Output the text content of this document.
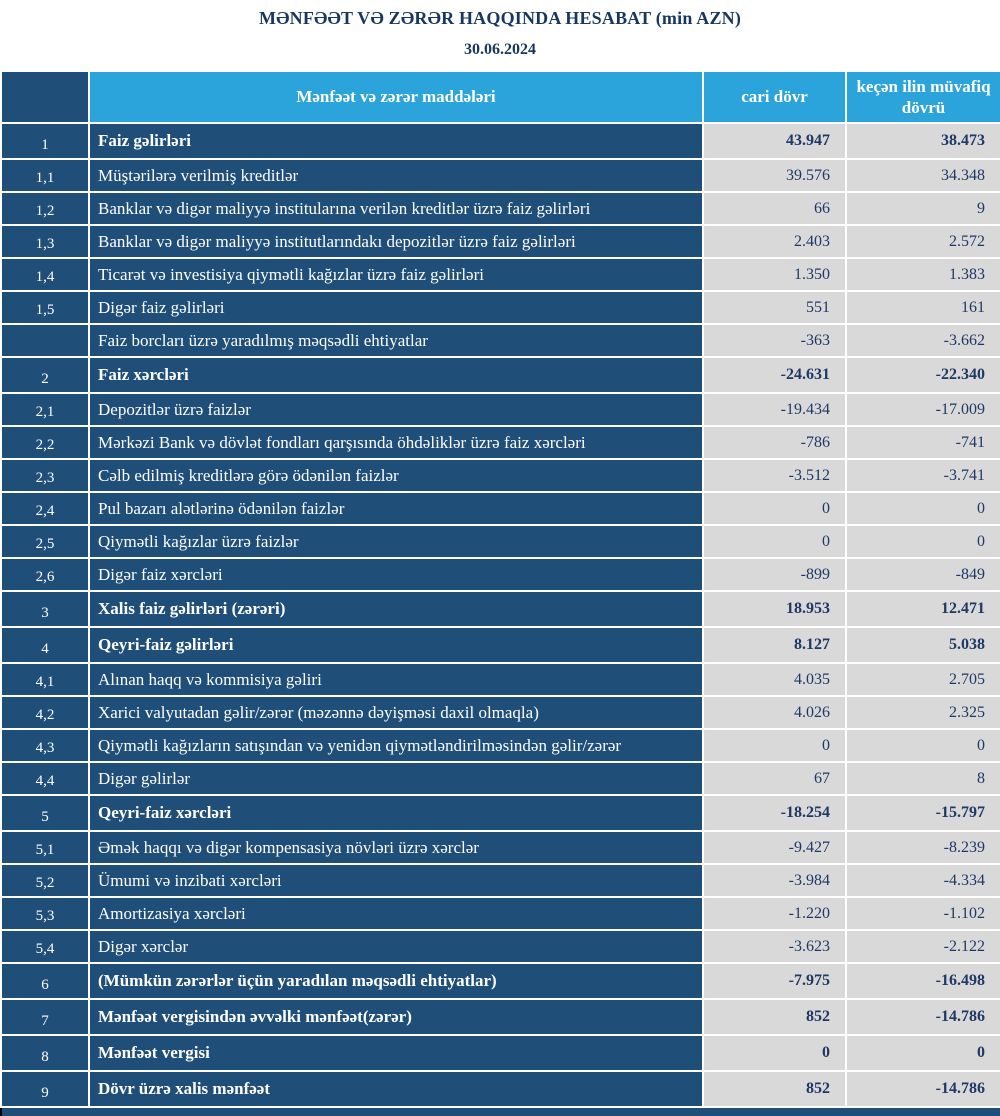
MƏNFƏƏT VƏ ZƏRƏR HAQQINDA HESABAT (min AZN)
30.06.2024
	Mənfəət və zərər maddələri	cari dövr	keçən ilin müvafiq dövrü
1	Faiz gəlirləri	43.947	38.473
1,1	Müştərilərə verilmiş kreditlər	39.576	34.348
1,2	Banklar və digər maliyyə institularına verilən kreditlər üzrə faiz gəlirləri	66	9
1,3	Banklar və digər maliyyə institutlarındakı depozitlər üzrə faiz gəlirləri	2.403	2.572
1,4	Ticarət və investisiya qiymətli kağızlar üzrə faiz gəlirləri	1.350	1.383
1,5	Digər faiz gəlirləri	551	161
	Faiz borcları üzrə yaradılmış məqsədli ehtiyatlar	-363	-3.662
2	Faiz xərcləri	-24.631	-22.340
2,1	Depozitlər üzrə faizlər	-19.434	-17.009
2,2	Mərkəzi Bank və dövlət fondları qarşısında öhdəliklər üzrə faiz xərcləri	-786	-741
2,3	Cəlb edilmiş kreditlərə görə ödənilən faizlər	-3.512	-3.741
2,4	Pul bazarı alətlərinə ödənilən faizlər	0	0
2,5	Qiymətli kağızlar üzrə faizlər	0	0
2,6	Digər faiz xərcləri	-899	-849
3	Xalis faiz gəlirləri (zərəri)	18.953	12.471
4	Qeyri-faiz gəlirləri	8.127	5.038
4,1	Alınan haqq və kommisiya gəliri	4.035	2.705
4,2	Xarici valyutadan gəlir/zərər (məzənnə dəyişməsi daxil olmaqla)	4.026	2.325
4,3	Qiymətli kağızların satışından və yenidən qiymətləndirilməsindən gəlir/zərər	0	0
4,4	Digər gəlirlər	67	8
5	Qeyri-faiz xərcləri	-18.254	-15.797
5,1	Əmək haqqı və digər kompensasiya növləri üzrə xərclər	-9.427	-8.239
5,2	Ümumi və inzibati xərcləri	-3.984	-4.334
5,3	Amortizasiya xərcləri	-1.220	-1.102
5,4	Digər xərclər	-3.623	-2.122
6	(Mümkün zərərlər üçün yaradılan məqsədli ehtiyatlar)	-7.975	-16.498
7	Mənfəət vergisindən əvvəlki mənfəət(zərər)	852	-14.786
8	Mənfəət vergisi	0	0
9	Dövr üzrə xalis mənfəət	852	-14.786
